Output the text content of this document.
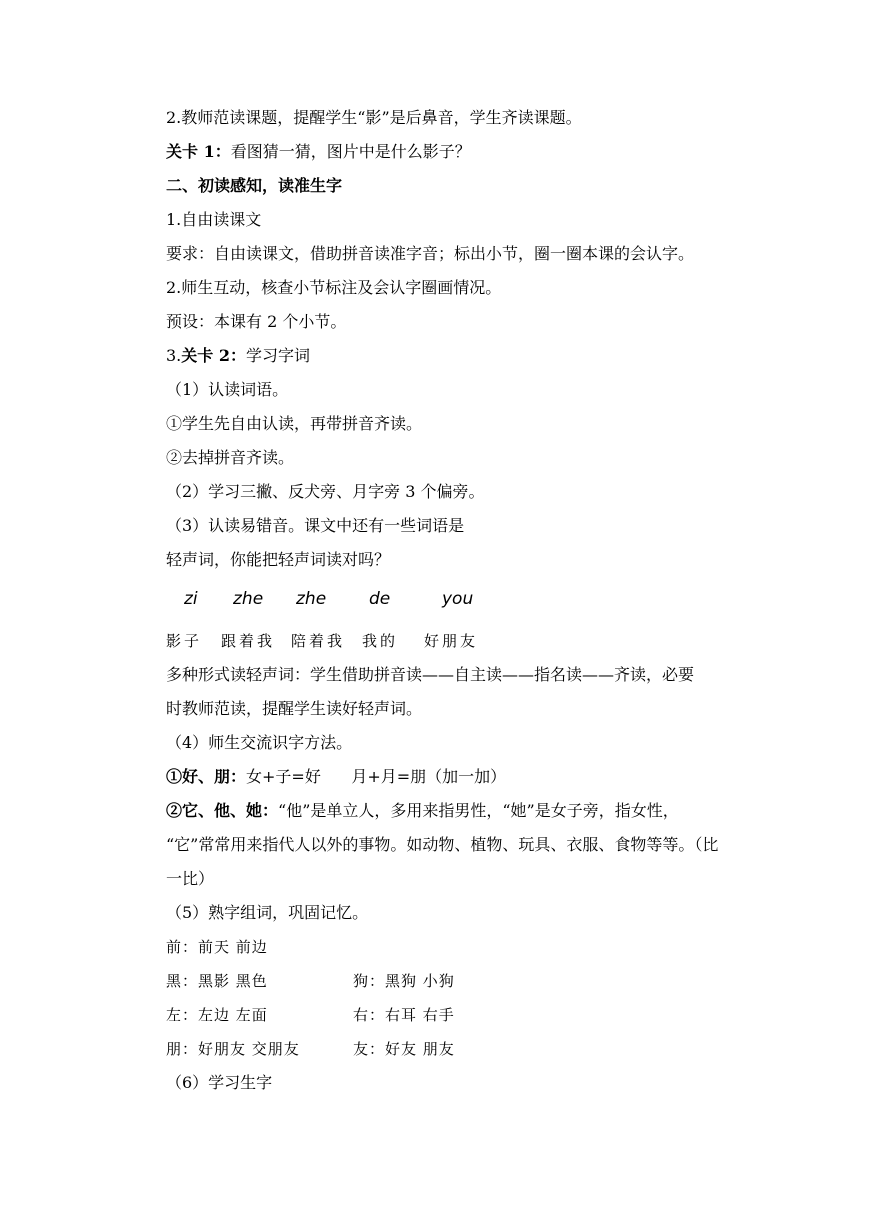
2.教师范读课题，提醒学生“影”是后鼻音，学生齐读课题。
关卡 1：看图猜一猜，图片中是什么影子？
二、初读感知，读准生字
1.自由读课文
要求：自由读课文，借助拼音读准字音；标出小节，圈一圈本课的会认字。
2.师生互动，核查小节标注及会认字圈画情况。
预设：本课有 2 个小节。
3.关卡 2：学习字词
（1）认读词语。
①学生先自由认读，再带拼音齐读。
②去掉拼音齐读。
（2）学习三撇、反犬旁、月字旁 3 个偏旁。
（3）认读易错音。课文中还有一些词语是
轻声词，你能把轻声词读对吗？
zi zhe zhe	de	you
影子 跟着我 陪着我 我的 好朋友
多种形式读轻声词：学生借助拼音读——自主读——指名读——齐读，必要
时教师范读，提醒学生读好轻声词。
（4）师生交流识字方法。
①好、朋：女+子=好      月+月=朋（加一加）
②它、他、她：“他”是单立人，多用来指男性，“她”是女子旁，指女性，
“它”常常用来指代人以外的事物。如动物、植物、玩具、衣服、食物等等。（比
一比）
（5）熟字组词，巩固记忆。
前：前天 前边
黑：黑影 黑色	狗：黑狗 小狗
左：左边 左面	右：右耳 右手
朋：好朋友 交朋友	友：好友 朋友
（6）学习生字
